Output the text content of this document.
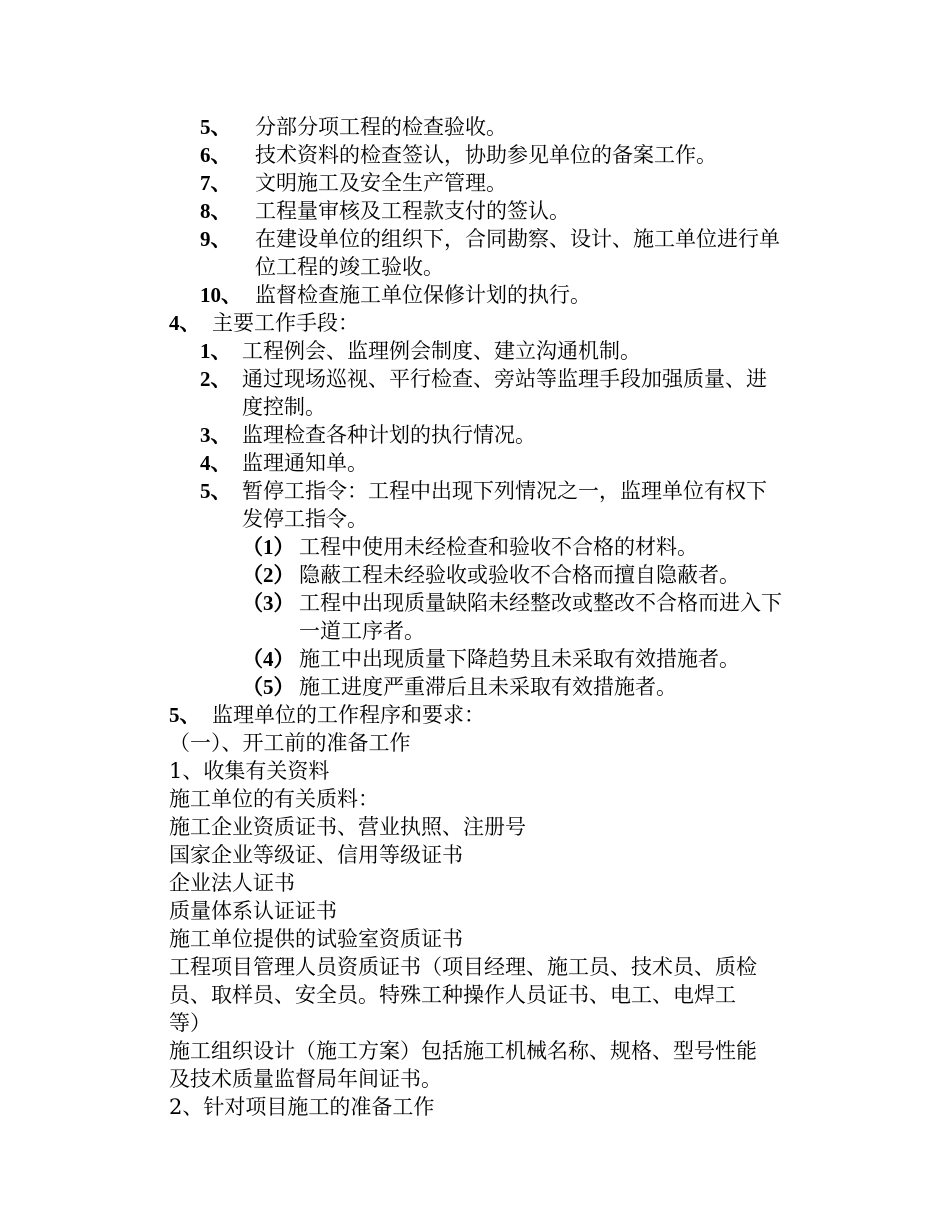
5、 分部分项工程的检查验收。
6、 技术资料的检查签认，协助参见单位的备案工作。
7、 文明施工及安全生产管理。
8、 工程量审核及工程款支付的签认。
9、 在建设单位的组织下，合同勘察、设计、施工单位进行单
位工程的竣工验收。
10、 监督检查施工单位保修计划的执行。
4、 主要工作手段：
1、 工程例会、监理例会制度、建立沟通机制。
2、 通过现场巡视、平行检查、旁站等监理手段加强质量、进
度控制。
3、 监理检查各种计划的执行情况。
4、 监理通知单。
5、 暂停工指令：工程中出现下列情况之一，监理单位有权下
发停工指令。
（1） 工程中使用未经检查和验收不合格的材料。
（2） 隐蔽工程未经验收或验收不合格而擅自隐蔽者。
（3） 工程中出现质量缺陷未经整改或整改不合格而进入下
一道工序者。
（4） 施工中出现质量下降趋势且未采取有效措施者。
（5） 施工进度严重滞后且未采取有效措施者。
5、 监理单位的工作程序和要求：
（一）、开工前的准备工作
1、收集有关资料
施工单位的有关质料：
施工企业资质证书、营业执照、注册号
国家企业等级证、信用等级证书
企业法人证书
质量体系认证证书
施工单位提供的试验室资质证书
工程项目管理人员资质证书（项目经理、施工员、技术员、质检
员、取样员、安全员。特殊工种操作人员证书、电工、电焊工
等）
施工组织设计（施工方案）包括施工机械名称、规格、型号性能
及技术质量监督局年间证书。
2、针对项目施工的准备工作
